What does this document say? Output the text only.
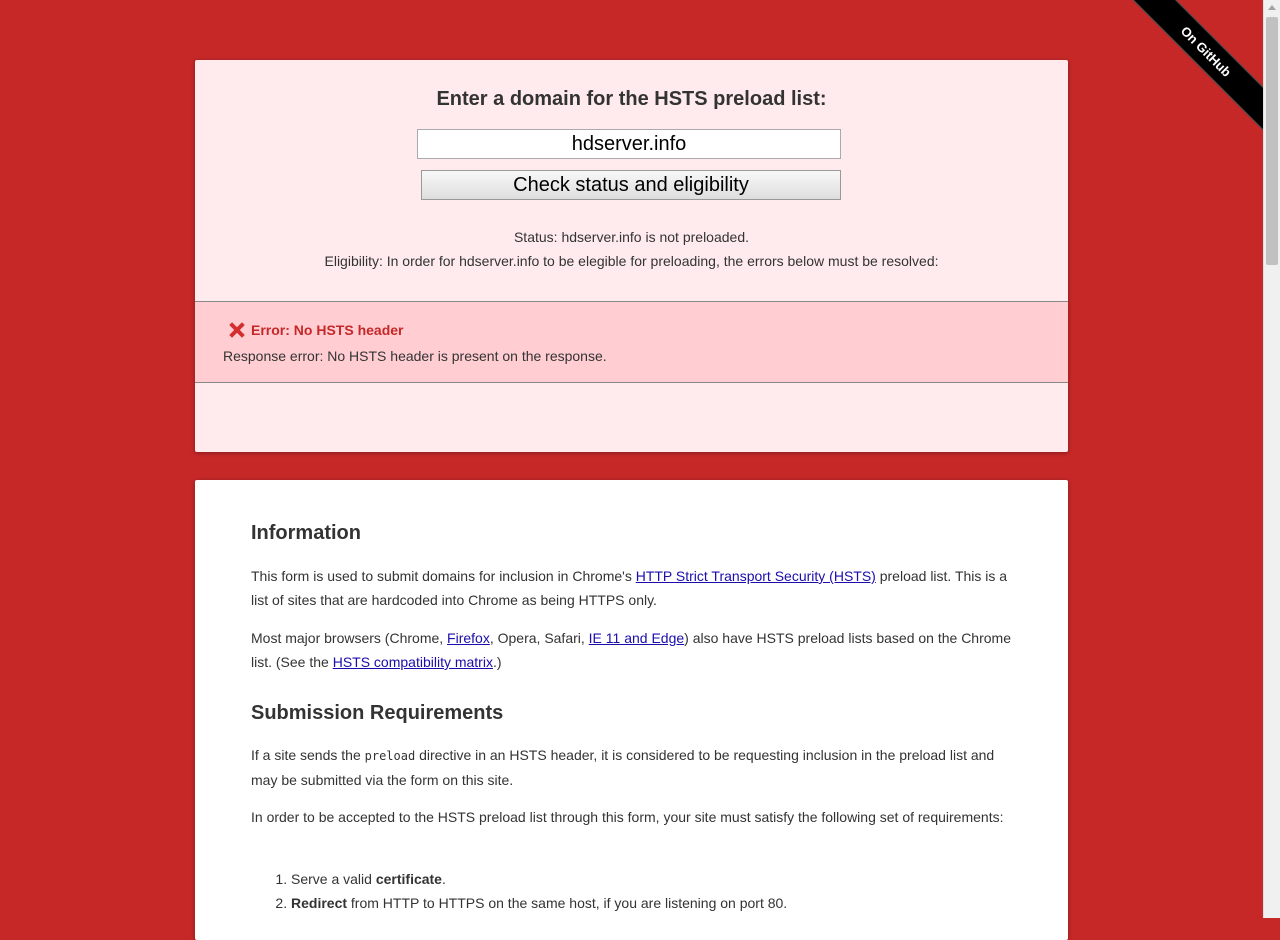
On GitHub
Enter a domain for the HSTS preload list:
hdserver.info
Check status and eligibility
Status: hdserver.info is not preloaded.
Eligibility: In order for hdserver.info to be elegible for preloading, the errors below must be resolved:
Error: No HSTS header
Response error: No HSTS header is present on the response.
Information

This form is used to submit domains for inclusion in Chrome's HTTP Strict Transport Security (HSTS) preload list. This is a list of sites that are hardcoded into Chrome as being HTTPS only.

Most major browsers (Chrome, Firefox, Opera, Safari, IE 11 and Edge) also have HSTS preload lists based on the Chrome list. (See the HSTS compatibility matrix.)

Submission Requirements

If a site sends the preload directive in an HSTS header, it is considered to be requesting inclusion in the preload list and may be submitted via the form on this site.

In order to be accepted to the HSTS preload list through this form, your site must satisfy the following set of requirements:

1. Serve a valid certificate.
2. Redirect from HTTP to HTTPS on the same host, if you are listening on port 80.
